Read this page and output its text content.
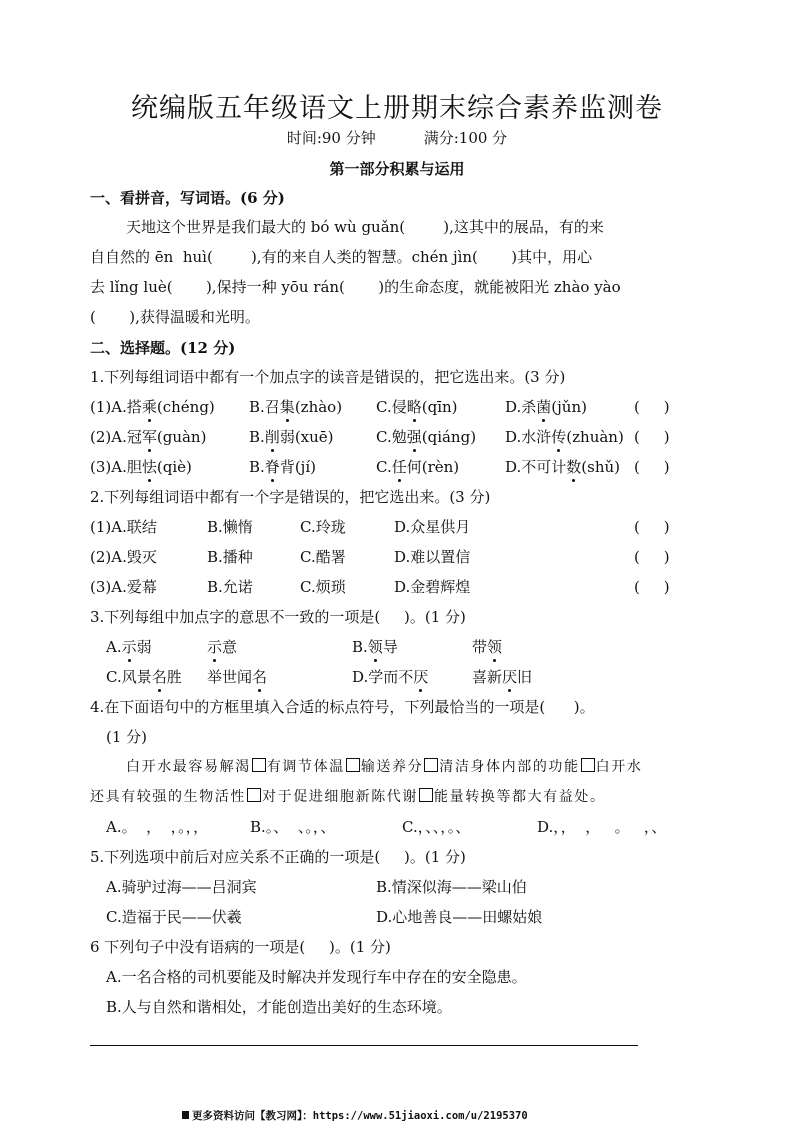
统编版五年级语文上册期末综合素养监测卷
时间:90 分钟	满分:100 分
第一部分积累与运用
一、看拼音，写词语。(6 分)
天地这个世界是我们最大的 bó wù guǎn(        ),这其中的展品，有的来
自自然的 ēn  huì(        ),有的来自人类的智慧。chén jìn(       )其中，用心
去 lǐng luè(       ),保持一种 yōu rán(       )的生命态度，就能被阳光 zhào yào
(       ),获得温暖和光明。
二、选择题。(12 分)
1.下列每组词语中都有一个加点字的读音是错误的，把它选出来。(3 分)
(1)A.搭乘(chéng) B.召集(zhào) C.侵略(qīn)	D.杀菌(jǔn)	(     )
(2)A.冠军(guàn)	B.削弱(xuē)	C.勉强(qiáng) D.水浒传(zhuàn) (     )
(3)A.胆怯(qiè)	B.脊背(jí)	C.任何(rèn)	D.不可计数(shǔ) (     )
2.下列每组词语中都有一个字是错误的，把它选出来。(3 分)
(1)A.联结	B.懒惰	C.玲珑	D.众星供月	(     )
(2)A.毁灭	B.播种	C.酷署	D.难以置信	(     )
(3)A.爱幕	B.允诺	C.烦琐	D.金碧辉煌	(     )
3.下列每组中加点字的意思不一致的一项是(     )。(1 分)
A.示弱	示意	B.领导	带领
C.风景名胜 举世闻名	D.学而不厌	喜新厌旧
4.在下面语句中的方框里填入合适的标点符号，下列最恰当的一项是(      )。
(1 分)
白开水最容易解渴 有调节体温 输送养分 清洁身体内部的功能 白开水
还具有较强的生物活性 对于促进细胞新陈代谢 能量转换等都大有益处。
A.。  ，  ，。，，	B.。、  、。，、	C.，、、，。、	D.，，  ，   。   ，、
5.下列选项中前后对应关系不正确的一项是(     )。(1 分)
A.骑驴过海——吕洞宾	B.情深似海——梁山伯
C.造福于民——伏羲	D.心地善良——田螺姑娘
6 下列句子中没有语病的一项是(     )。(1 分)
A.一名合格的司机要能及时解决并发现行车中存在的安全隐患。
B.人与自然和谐相处，才能创造出美好的生态环境。
更多资料访问【教习网】：https://www.51jiaoxi.com/u/2195370
